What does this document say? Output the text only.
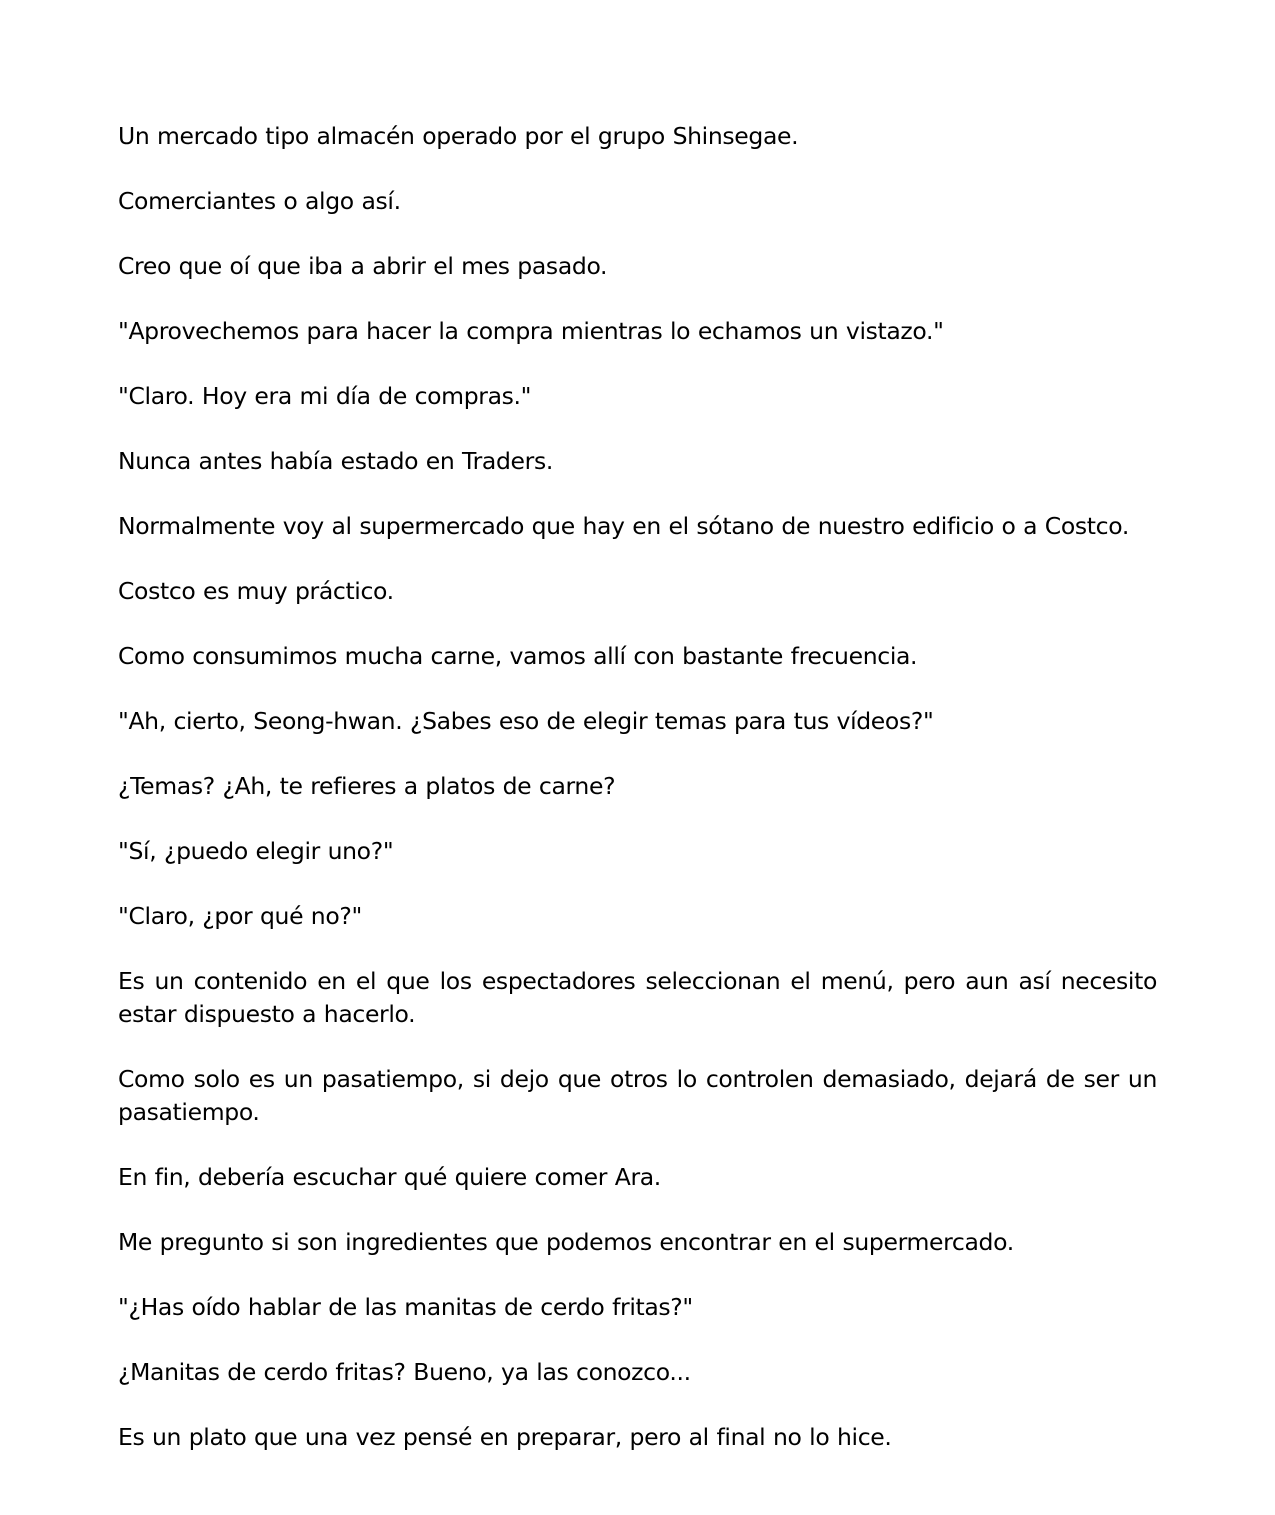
Un mercado tipo almacén operado por el grupo Shinsegae.

Comerciantes o algo así.

Creo que oí que iba a abrir el mes pasado.

"Aprovechemos para hacer la compra mientras lo echamos un vistazo."

"Claro. Hoy era mi día de compras."

Nunca antes había estado en Traders.

Normalmente voy al supermercado que hay en el sótano de nuestro edificio o a Costco.

Costco es muy práctico.

Como consumimos mucha carne, vamos allí con bastante frecuencia.

"Ah, cierto, Seong-hwan. ¿Sabes eso de elegir temas para tus vídeos?"

¿Temas? ¿Ah, te refieres a platos de carne?

"Sí, ¿puedo elegir uno?"

"Claro, ¿por qué no?"

Es un contenido en el que los espectadores seleccionan el menú, pero aun así necesito estar dispuesto a hacerlo.

Como solo es un pasatiempo, si dejo que otros lo controlen demasiado, dejará de ser un pasatiempo.

En fin, debería escuchar qué quiere comer Ara.

Me pregunto si son ingredientes que podemos encontrar en el supermercado.

"¿Has oído hablar de las manitas de cerdo fritas?"

¿Manitas de cerdo fritas? Bueno, ya las conozco...

Es un plato que una vez pensé en preparar, pero al final no lo hice.
